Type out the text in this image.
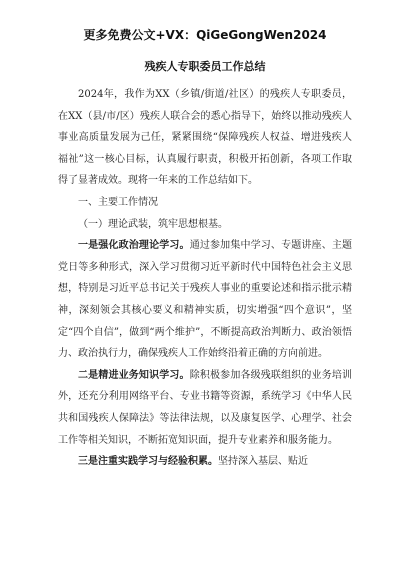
更多免费公文+VX：QiGeGongWen2024
残疾人专职委员工作总结

2024年，我作为XX（乡镇/街道/社区）的残疾人专职委员，在XX（县/市/区）残疾人联合会的悉心指导下，始终以推动残疾人事业高质量发展为己任，紧紧围绕“保障残疾人权益、增进残疾人福祉”这一核心目标，认真履行职责，积极开拓创新，各项工作取得了显著成效。现将一年来的工作总结如下。

一、主要工作情况

（一）理论武装，筑牢思想根基。

一是强化政治理论学习。通过参加集中学习、专题讲座、主题党日等多种形式，深入学习贯彻习近平新时代中国特色社会主义思想，特别是习近平总书记关于残疾人事业的重要论述和指示批示精神，深刻领会其核心要义和精神实质，切实增强“四个意识”，坚定“四个自信”，做到“两个维护”，不断提高政治判断力、政治领悟力、政治执行力，确保残疾人工作始终沿着正确的方向前进。

二是精进业务知识学习。除积极参加各级残联组织的业务培训外，还充分利用网络平台、专业书籍等资源，系统学习《中华人民共和国残疾人保障法》等法律法规，以及康复医学、心理学、社会工作等相关知识，不断拓宽知识面，提升专业素养和服务能力。

三是注重实践学习与经验积累。坚持深入基层、贴近
